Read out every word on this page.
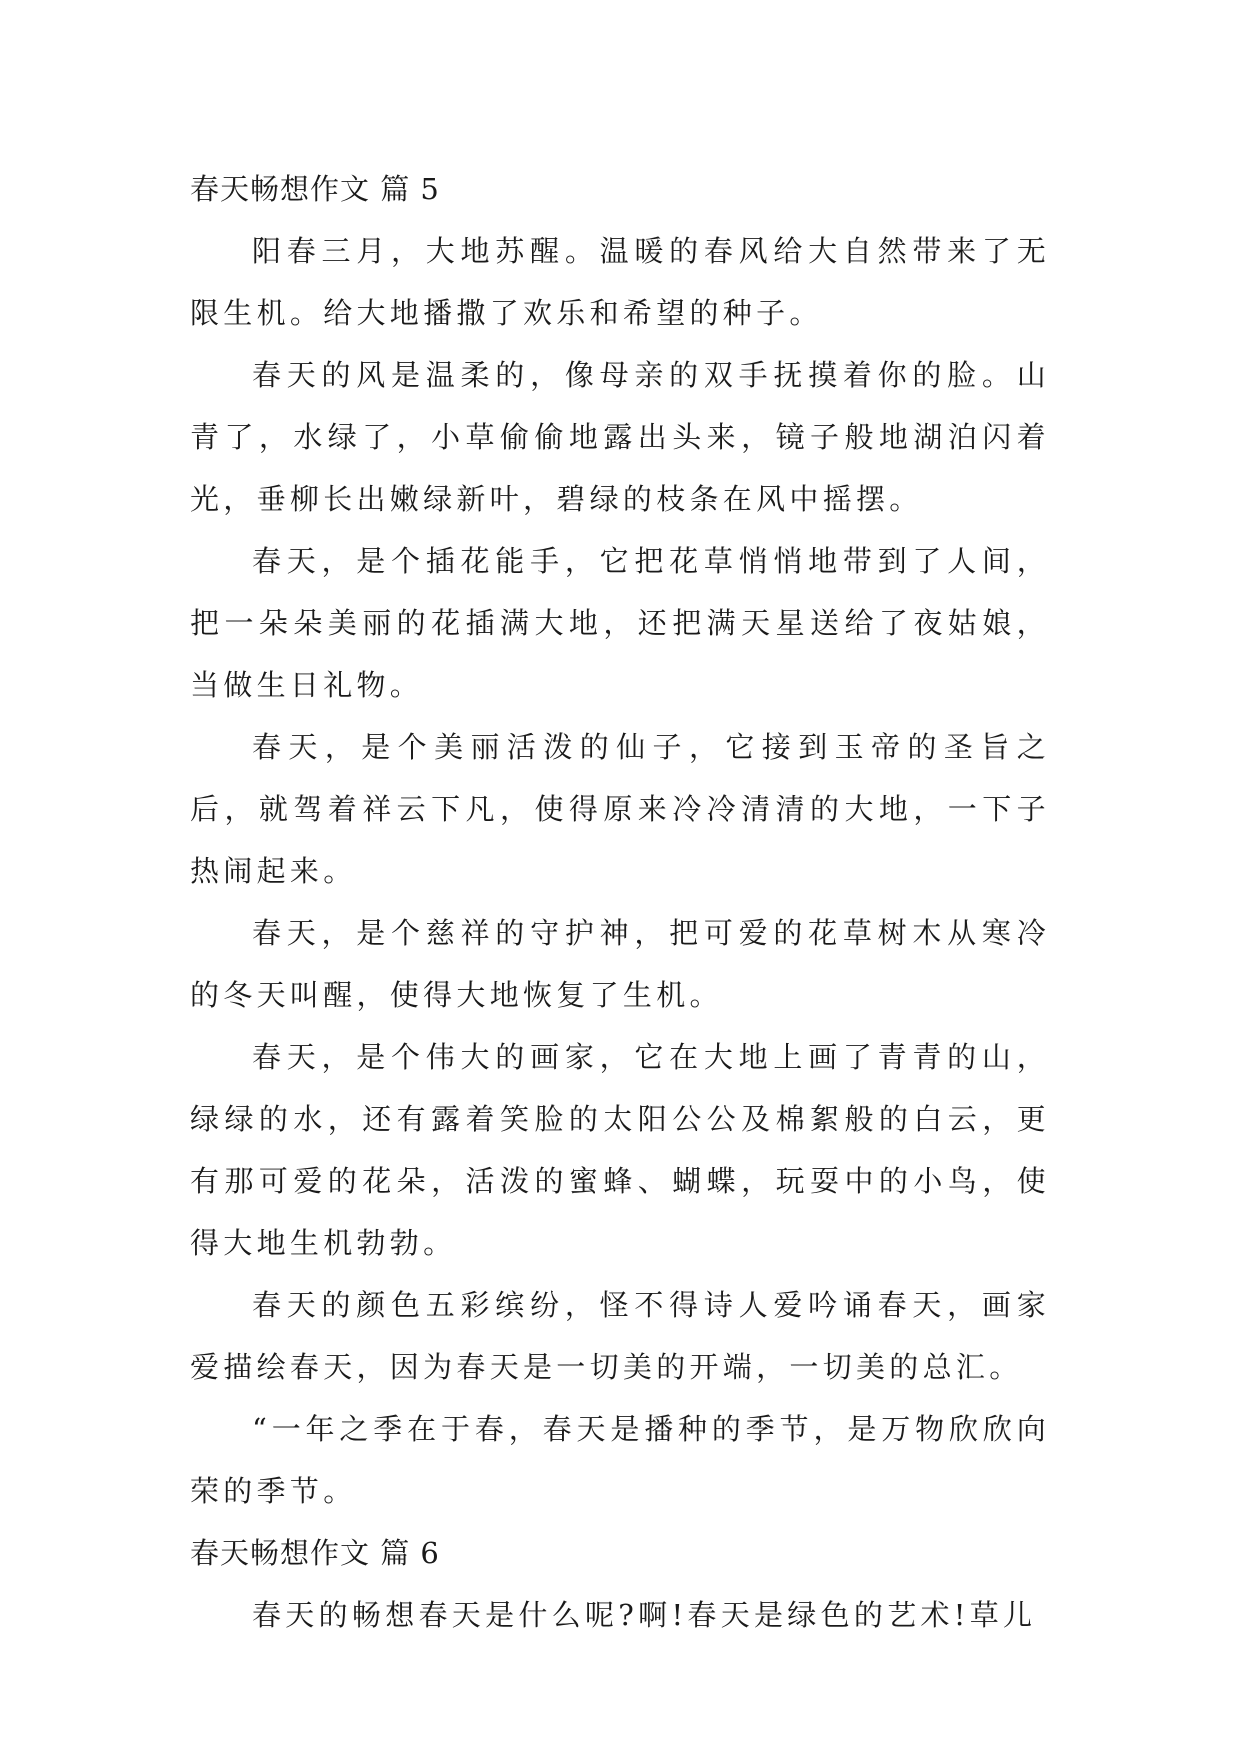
春天畅想作文 篇 5

阳春三月，大地苏醒。温暖的春风给大自然带来了无限生机。给大地播撒了欢乐和希望的种子。

春天的风是温柔的，像母亲的双手抚摸着你的脸。山青了，水绿了，小草偷偷地露出头来，镜子般地湖泊闪着光，垂柳长出嫩绿新叶，碧绿的枝条在风中摇摆。

春天，是个插花能手，它把花草悄悄地带到了人间，把一朵朵美丽的花插满大地，还把满天星送给了夜姑娘，当做生日礼物。

春天，是个美丽活泼的仙子，它接到玉帝的圣旨之后，就驾着祥云下凡，使得原来冷冷清清的大地，一下子热闹起来。

春天，是个慈祥的守护神，把可爱的花草树木从寒冷的冬天叫醒，使得大地恢复了生机。

春天，是个伟大的画家，它在大地上画了青青的山，绿绿的水，还有露着笑脸的太阳公公及棉絮般的白云，更有那可爱的花朵，活泼的蜜蜂、蝴蝶，玩耍中的小鸟，使得大地生机勃勃。

春天的颜色五彩缤纷，怪不得诗人爱吟诵春天，画家爱描绘春天，因为春天是一切美的开端，一切美的总汇。

“一年之季在于春，春天是播种的季节，是万物欣欣向荣的季节。

春天畅想作文 篇 6

春天的畅想春天是什么呢?啊!春天是绿色的艺术!草儿
